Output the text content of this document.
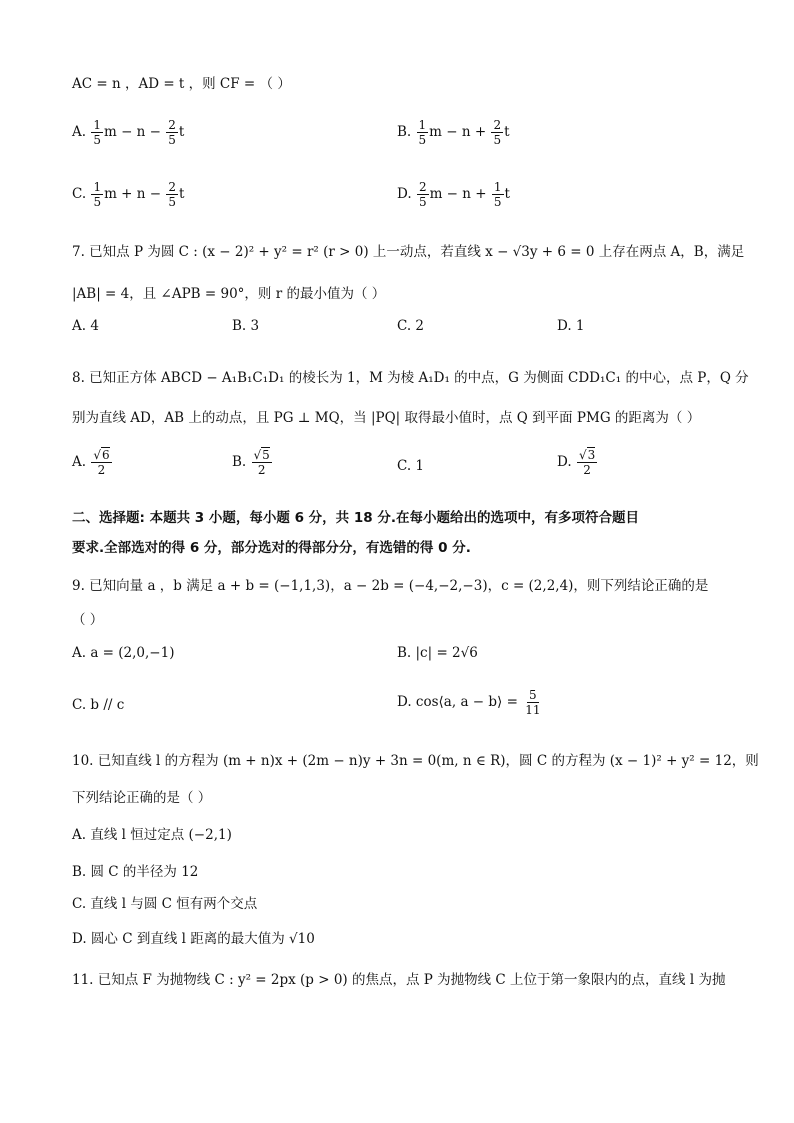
AC = n ，AD = t ，则 CF = （ ）
A. $\frac{1}{5}$ $m - n - \frac{2}{5}$ t	B. $\frac{1}{5}$ $m - n + \frac{2}{5}$ t
C. $\frac{1}{5}$ $m + n - \frac{2}{5}$ t	D. $\frac{2}{5}$ $m - n + \frac{1}{5}$ t
7. 已知点 P 为圆 C : (x − 2)² + y² = r² (r > 0) 上一动点，若直线 x − √3y + 6 = 0 上存在两点 A，B，满足
|AB| = 4，且 ∠APB = 90°，则 r 的最小值为（ ）
A. 4	B. 3	C. 2	D. 1
8. 已知正方体 ABCD − A₁B₁C₁D₁ 的棱长为 1，M 为棱 A₁D₁ 的中点，G 为侧面 CDD₁C₁ 的中心，点 P，Q 分
别为直线 AD，AB 上的动点，且 PG ⊥ MQ，当 |PQ| 取得最小值时，点 Q 到平面 PMG 的距离为（ ）
A. $\frac{√6}{2}$	B. $\frac{√5}{2}$	C. 1	D. $\frac{√3}{2}$
二、选择题: 本题共 3 小题，每小题 6 分，共 18 分.在每小题给出的选项中，有多项符合题目
要求.全部选对的得 6 分，部分选对的得部分分，有选错的得 0 分.
9. 已知向量 a ，b 满足 a + b = (−1,1,3)，a − 2b = (−4,−2,−3)，c = (2,2,4)，则下列结论正确的是
（ ）
A. a = (2,0,−1)	B. |c| = 2√6
C. b // c	D. cos⟨a, a − b⟩ = $\frac{5}{11}$
10. 已知直线 l 的方程为 (m + n)x + (2m − n)y + 3n = 0(m, n ∈ R)，圆 C 的方程为 (x − 1)² + y² = 12，则
下列结论正确的是（ ）
A. 直线 l 恒过定点 (−2,1)
B. 圆 C 的半径为 12
C. 直线 l 与圆 C 恒有两个交点
D. 圆心 C 到直线 l 距离的最大值为 √10
11. 已知点 F 为抛物线 C : y² = 2px (p > 0) 的焦点，点 P 为抛物线 C 上位于第一象限内的点，直线 l 为抛
